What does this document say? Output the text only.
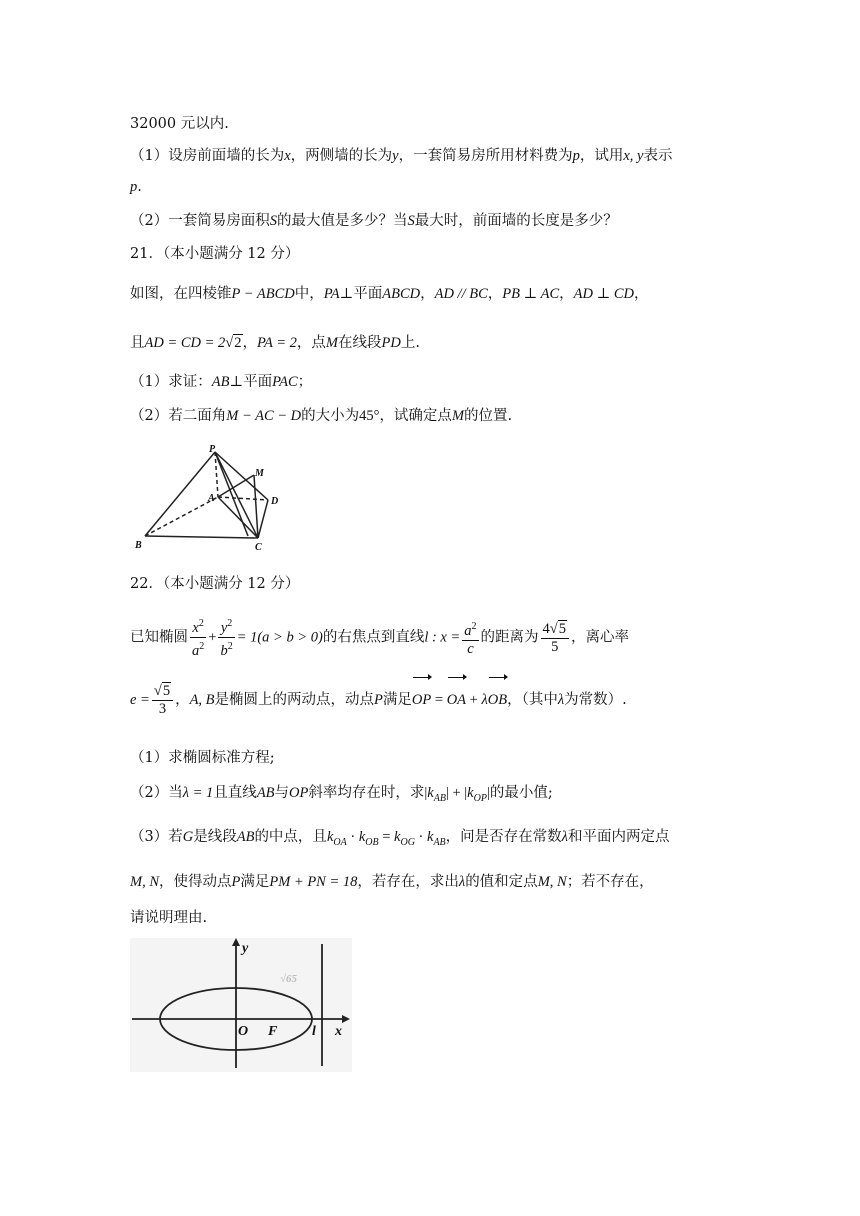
32000 元以内.
（1）设房前面墙的长为x，两侧墙的长为y，一套简易房所用材料费为p，试用x, y表示
p.
（2）一套简易房面积S的最大值是多少？当S最大时，前面墙的长度是多少？
21．（本小题满分 12 分）
如图，在四棱锥P − ABCD中，PA⊥平面ABCD，AD // BC，PB ⊥ AC，AD ⊥ CD，
且AD = CD = 2√2，PA = 2，点M在线段PD上.
（1）求证：AB⊥平面PAC；
（2）若二面角M − AC − D的大小为45°，试确定点M的位置.
P
M
A	D
B	C
22．（本小题满分 12 分）
已知椭圆 $\frac{x^2}{a^2} + \frac{y^2}{b^2} = 1(a > b > 0)$的右焦点到直线l : $x = \frac{a^2}{c}$ 的距离为 $\frac{4√5}{5}$ ，离心率
$e = \frac{√5}{3}$ ，A, B是椭圆上的两动点，动点P满足OP = OA + λOB，（其中λ为常数）.
（1）求椭圆标准方程;
（2）当λ = 1且直线AB与OP斜率均存在时，求$|k_{AB}| + |k_{OP}|$的最小值;
（3）若G是线段AB的中点，且$k_{OA} \cdot k_{OB} = k_{OG} \cdot k_{AB}$，问是否存在常数λ和平面内两定点
M, N，使得动点P满足PM + PN = 18，若存在，求出λ的值和定点M, N；若不存在，
请说明理由.
√65
y
O F l x
